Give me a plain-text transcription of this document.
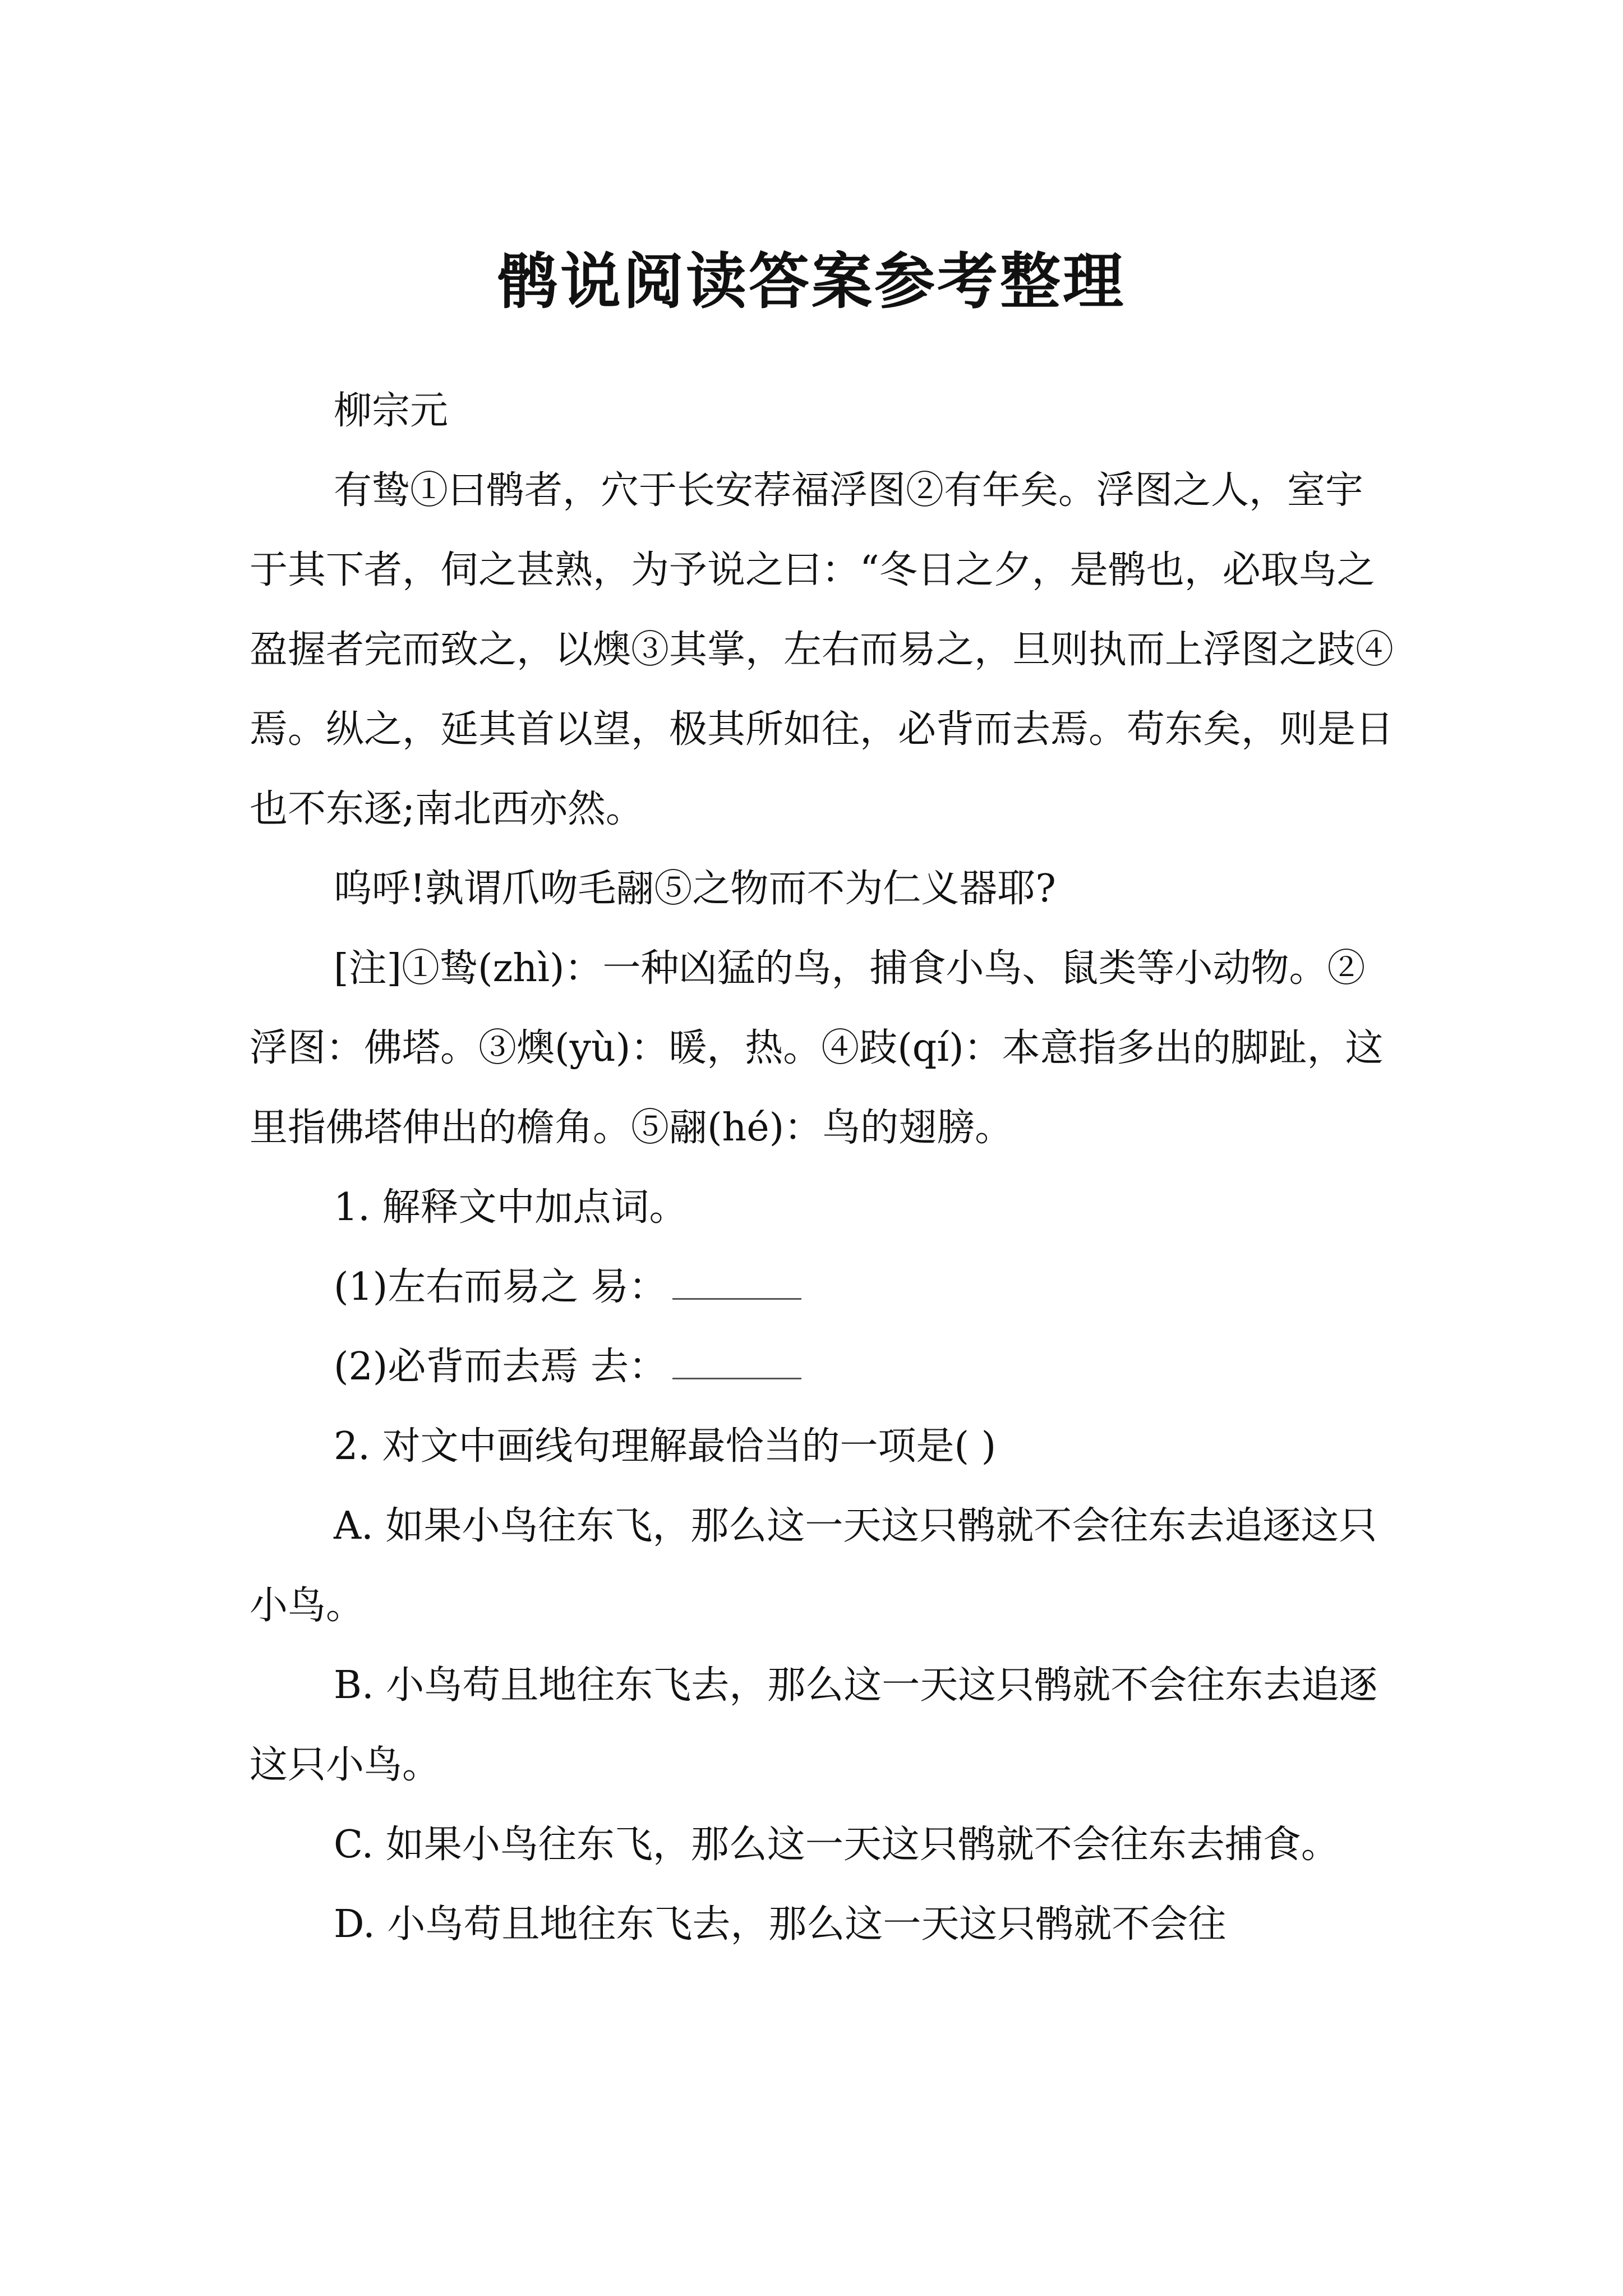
鹘说阅读答案参考整理

柳宗元

有鸷①曰鹘者，穴于长安荐福浮图②有年矣。浮图之人，室宇于其下者，伺之甚熟，为予说之曰：“冬日之夕，是鹘也，必取鸟之盈握者完而致之，以燠③其掌，左右而易之，旦则执而上浮图之跂④焉。纵之，延其首以望，极其所如往，必背而去焉。苟东矣，则是日也不东逐;南北西亦然。

呜呼!孰谓爪吻毛翮⑤之物而不为仁义器耶?

[注]①鸷(zhì)：一种凶猛的鸟，捕食小鸟、鼠类等小动物。②浮图：佛塔。③燠(yù)：暖，热。④跂(qí)：本意指多出的脚趾，这里指佛塔伸出的檐角。⑤翮(hé)：鸟的翅膀。

1. 解释文中加点词。

(1)左右而易之 易：

(2)必背而去焉 去：

2. 对文中画线句理解最恰当的一项是( )

A. 如果小鸟往东飞，那么这一天这只鹘就不会往东去追逐这只小鸟。

B. 小鸟苟且地往东飞去，那么这一天这只鹘就不会往东去追逐这只小鸟。

C. 如果小鸟往东飞，那么这一天这只鹘就不会往东去捕食。

D. 小鸟苟且地往东飞去，那么这一天这只鹘就不会往
